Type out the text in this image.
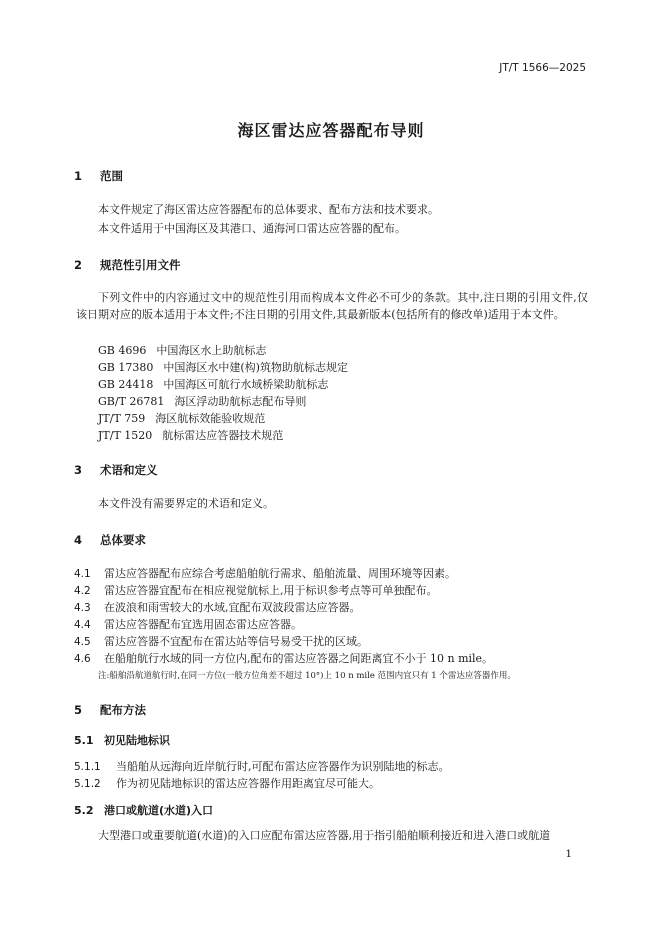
JT/T 1566—2025
海区雷达应答器配布导则
1 范围
本文件规定了海区雷达应答器配布的总体要求、配布方法和技术要求。
本文件适用于中国海区及其港口、通海河口雷达应答器的配布。
2 规范性引用文件
下列文件中的内容通过文中的规范性引用而构成本文件必不可少的条款。其中,注日期的引用文件,仅该日期对应的版本适用于本文件;不注日期的引用文件,其最新版本(包括所有的修改单)适用于本文件。
GB 4696 中国海区水上助航标志
GB 17380 中国海区水中建(构)筑物助航标志规定
GB 24418 中国海区可航行水域桥梁助航标志
GB/T 26781 海区浮动助航标志配布导则
JT/T 759 海区航标效能验收规范
JT/T 1520 航标雷达应答器技术规范
3 术语和定义
本文件没有需要界定的术语和定义。
4 总体要求
4.1 雷达应答器配布应综合考虑船舶航行需求、船舶流量、周围环境等因素。
4.2 雷达应答器宜配布在相应视觉航标上,用于标识参考点等可单独配布。
4.3 在波浪和雨雪较大的水域,宜配布双波段雷达应答器。
4.4 雷达应答器配布宜选用固态雷达应答器。
4.5 雷达应答器不宜配布在雷达站等信号易受干扰的区域。
4.6 在船舶航行水域的同一方位内,配布的雷达应答器之间距离宜不小于 10 n mile。
注:船舶沿航道航行时,在同一方位(一般方位角差不超过 10°)上 10 n mile 范围内宜只有 1 个雷达应答器作用。
5 配布方法
5.1 初见陆地标识
5.1.1 当船舶从远海向近岸航行时,可配布雷达应答器作为识别陆地的标志。
5.1.2 作为初见陆地标识的雷达应答器作用距离宜尽可能大。
5.2 港口或航道(水道)入口
大型港口或重要航道(水道)的入口应配布雷达应答器,用于指引船舶顺利接近和进入港口或航道
1
